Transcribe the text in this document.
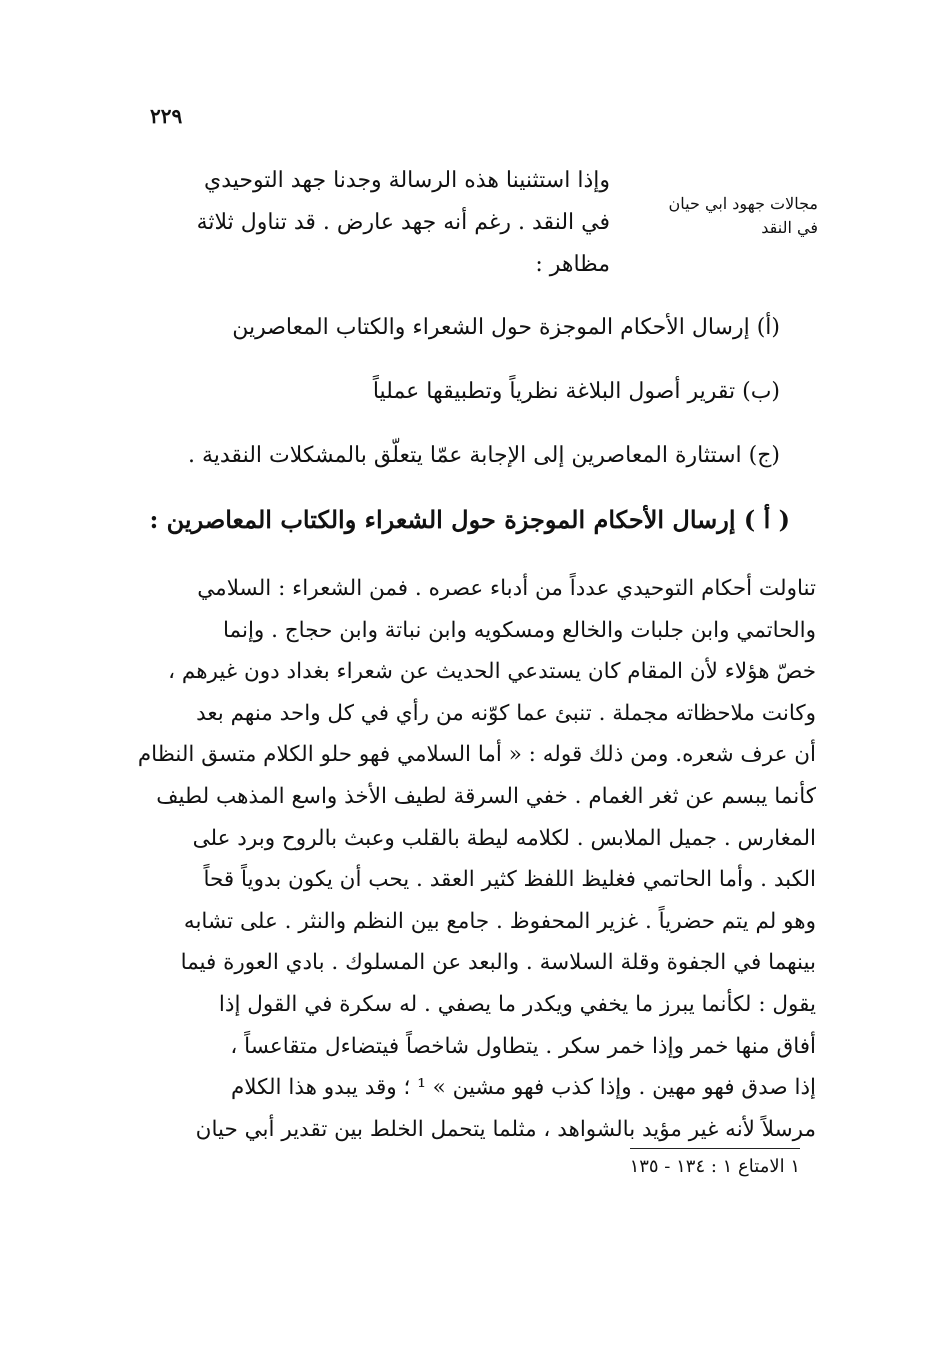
٢٢٩
مجالات جهود ابي حيان
في النقد
وإذا استثنينا هذه الرسالة وجدنا جهد التوحيدي
في النقد . رغم أنه جهد عارض . قد تناول ثلاثة
مظاهر :
(أ) إرسال الأحكام الموجزة حول الشعراء والكتاب المعاصرين
(ب) تقرير أصول البلاغة نظرياً وتطبيقها عملياً
(ج) استثارة المعاصرين إلى الإجابة عمّا يتعلّق بالمشكلات النقدية .
( أ ) إرسال الأحكام الموجزة حول الشعراء والكتاب المعاصرين :
تناولت أحكام التوحيدي عدداً من أدباء عصره . فمن الشعراء : السلامي
والحاتمي وابن جلبات والخالع ومسكويه وابن نباتة وابن حجاج . وإنما
خصّ هؤلاء لأن المقام كان يستدعي الحديث عن شعراء بغداد دون غيرهم ،
وكانت ملاحظاته مجملة . تنبئ عما كوّنه من رأي في كل واحد منهم بعد
أن عرف شعره. ومن ذلك قوله : « أما السلامي فهو حلو الكلام متسق النظام
كأنما يبسم عن ثغر الغمام . خفي السرقة لطيف الأخذ واسع المذهب لطيف
المغارس . جميل الملابس . لكلامه ليطة بالقلب وعبث بالروح وبرد على
الكبد . وأما الحاتمي فغليظ اللفظ كثير العقد . يحب أن يكون بدوياً قحاً
وهو لم يتم حضرياً . غزير المحفوظ . جامع بين النظم والنثر . على تشابه
بينهما في الجفوة وقلة السلاسة . والبعد عن المسلوك . بادي العورة فيما
يقول : لكأنما يبرز ما يخفي ويكدر ما يصفي . له سكرة في القول إذا
أفاق منها خمر وإذا خمر سكر . يتطاول شاخصاً فيتضاءل متقاعساً ،
إذا صدق فهو مهين . وإذا كذب فهو مشين » ¹ ؛ وقد يبدو هذا الكلام
مرسلاً لأنه غير مؤيد بالشواهد ، مثلما يتحمل الخلط بين تقدير أبي حيان
١ الامتاع ١ : ١٣٤ - ١٣٥
